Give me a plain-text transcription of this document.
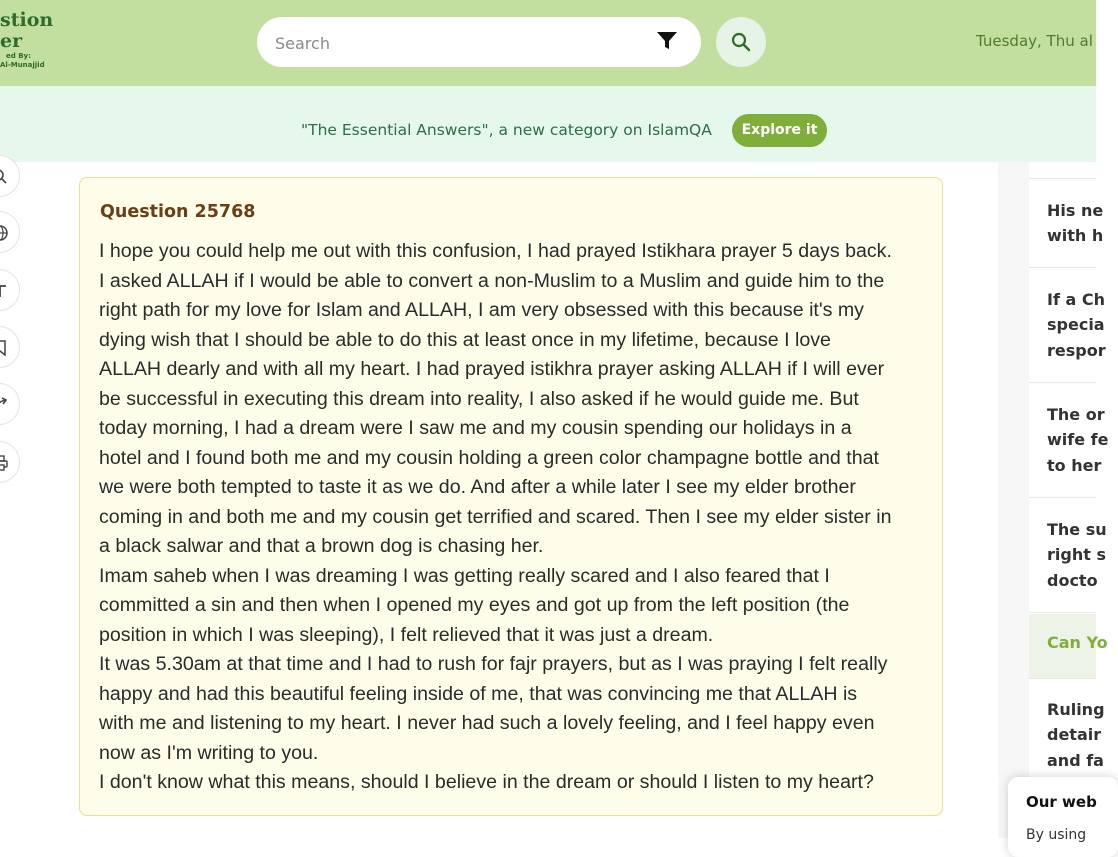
stion
er
ed By:
Al-Munajjid
Search
Tuesday, Thu al
"The Essential Answers", a new category on IslamQA	Explore it
Question 25768

I hope you could help me out with this confusion, I had prayed Istikhara prayer 5 days back.

I asked ALLAH if I would be able to convert a non-Muslim to a Muslim and guide him to the

right path for my love for Islam and ALLAH, I am very obsessed with this because it's my

dying wish that I should be able to do this at least once in my lifetime, because I love

ALLAH dearly and with all my heart. I had prayed istikhra prayer asking ALLAH if I will ever

be successful in executing this dream into reality, I also asked if he would guide me. But

today morning, I had a dream were I saw me and my cousin spending our holidays in a

hotel and I found both me and my cousin holding a green color champagne bottle and that

we were both tempted to taste it as we do. And after a while later I see my elder brother

coming in and both me and my cousin get terrified and scared. Then I see my elder sister in

a black salwar and that a brown dog is chasing her.

Imam saheb when I was dreaming I was getting really scared and I also feared that I

committed a sin and then when I opened my eyes and got up from the left position (the

position in which I was sleeping), I felt relieved that it was just a dream.

It was 5.30am at that time and I had to rush for fajr prayers, but as I was praying I felt really

happy and had this beautiful feeling inside of me, that was convincing me that ALLAH is

with me and listening to my heart. I never had such a lovely feeling, and I feel happy even

now as I'm writing to you.

I don't know what this means, should I believe in the dream or should I listen to my heart?

His ne
with h
If a Ch
specia
respor
The or
wife fe
to her
The su
right s
docto
Can Yo
Ruling
detair
and fa
Our web
By using
